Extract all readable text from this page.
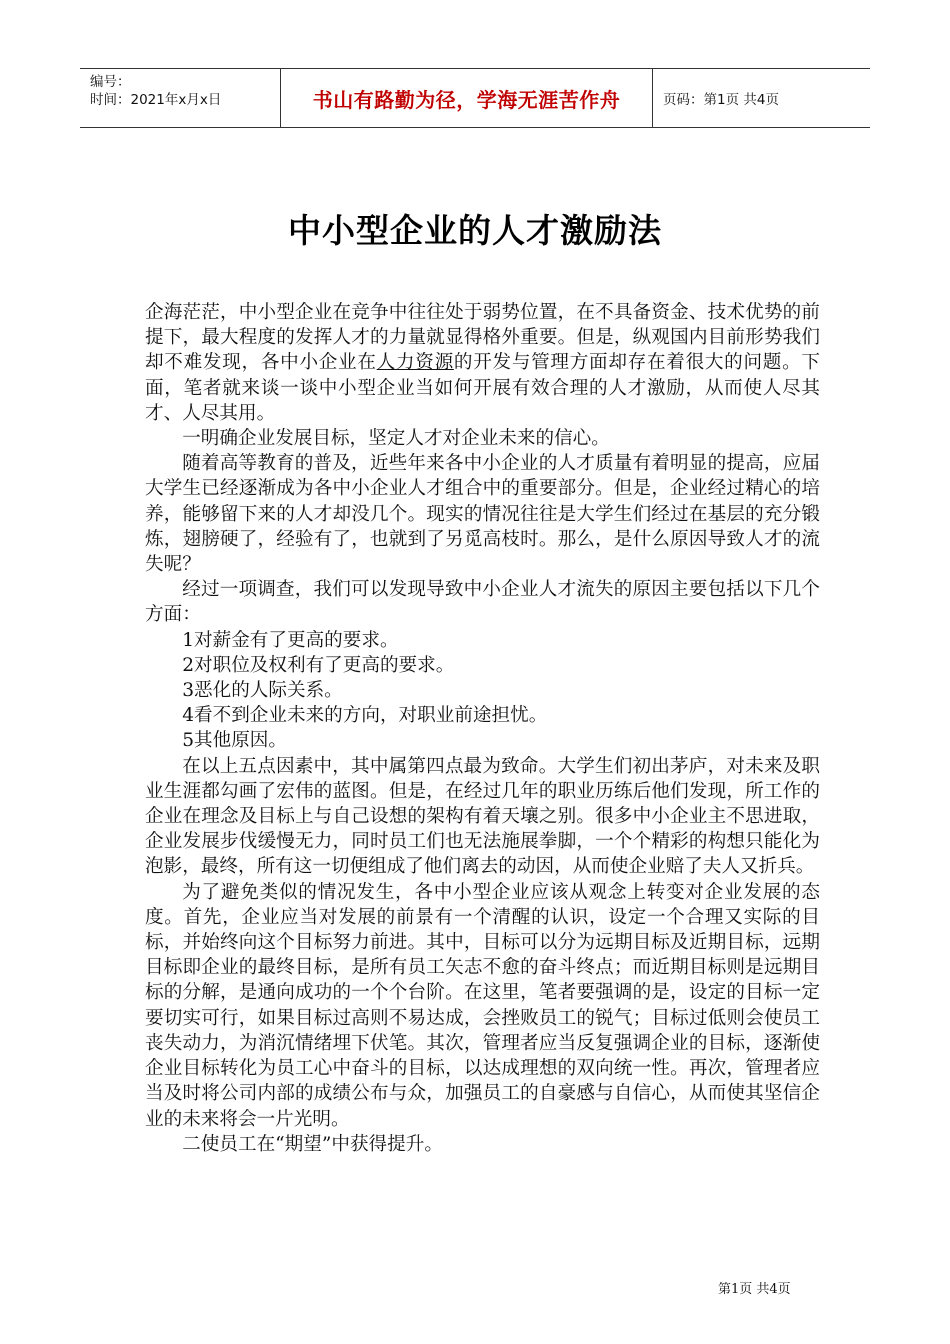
编号：
时间：2021年x月x日	书山有路勤为径，学海无涯苦作舟	页码：第1页 共4页
中小型企业的人才激励法

企海茫茫，中小型企业在竞争中往往处于弱势位置，在不具备资金、技术优势的前提下，最大程度的发挥人才的力量就显得格外重要。但是，纵观国内目前形势我们却不难发现，各中小企业在人力资源的开发与管理方面却存在着很大的问题。下面，笔者就来谈一谈中小型企业当如何开展有效合理的人才激励，从而使人尽其才、人尽其用。

一明确企业发展目标，坚定人才对企业未来的信心。

随着高等教育的普及，近些年来各中小企业的人才质量有着明显的提高，应届大学生已经逐渐成为各中小企业人才组合中的重要部分。但是，企业经过精心的培养，能够留下来的人才却没几个。现实的情况往往是大学生们经过在基层的充分锻炼，翅膀硬了，经验有了，也就到了另觅高枝时。那么，是什么原因导致人才的流失呢？

经过一项调查，我们可以发现导致中小企业人才流失的原因主要包括以下几个方面：

1对薪金有了更高的要求。

2对职位及权利有了更高的要求。

3恶化的人际关系。

4看不到企业未来的方向，对职业前途担忧。

5其他原因。

在以上五点因素中，其中属第四点最为致命。大学生们初出茅庐，对未来及职业生涯都勾画了宏伟的蓝图。但是，在经过几年的职业历练后他们发现，所工作的企业在理念及目标上与自己设想的架构有着天壤之别。很多中小企业主不思进取，企业发展步伐缓慢无力，同时员工们也无法施展拳脚，一个个精彩的构想只能化为泡影，最终，所有这一切便组成了他们离去的动因，从而使企业赔了夫人又折兵。

为了避免类似的情况发生，各中小型企业应该从观念上转变对企业发展的态度。首先，企业应当对发展的前景有一个清醒的认识，设定一个合理又实际的目标，并始终向这个目标努力前进。其中，目标可以分为远期目标及近期目标，远期目标即企业的最终目标，是所有员工矢志不愈的奋斗终点；而近期目标则是远期目标的分解，是通向成功的一个个台阶。在这里，笔者要强调的是，设定的目标一定要切实可行，如果目标过高则不易达成，会挫败员工的锐气；目标过低则会使员工丧失动力，为消沉情绪埋下伏笔。其次，管理者应当反复强调企业的目标，逐渐使企业目标转化为员工心中奋斗的目标，以达成理想的双向统一性。再次，管理者应当及时将公司内部的成绩公布与众，加强员工的自豪感与自信心，从而使其坚信企业的未来将会一片光明。

二使员工在“期望”中获得提升。

第1页 共4页
